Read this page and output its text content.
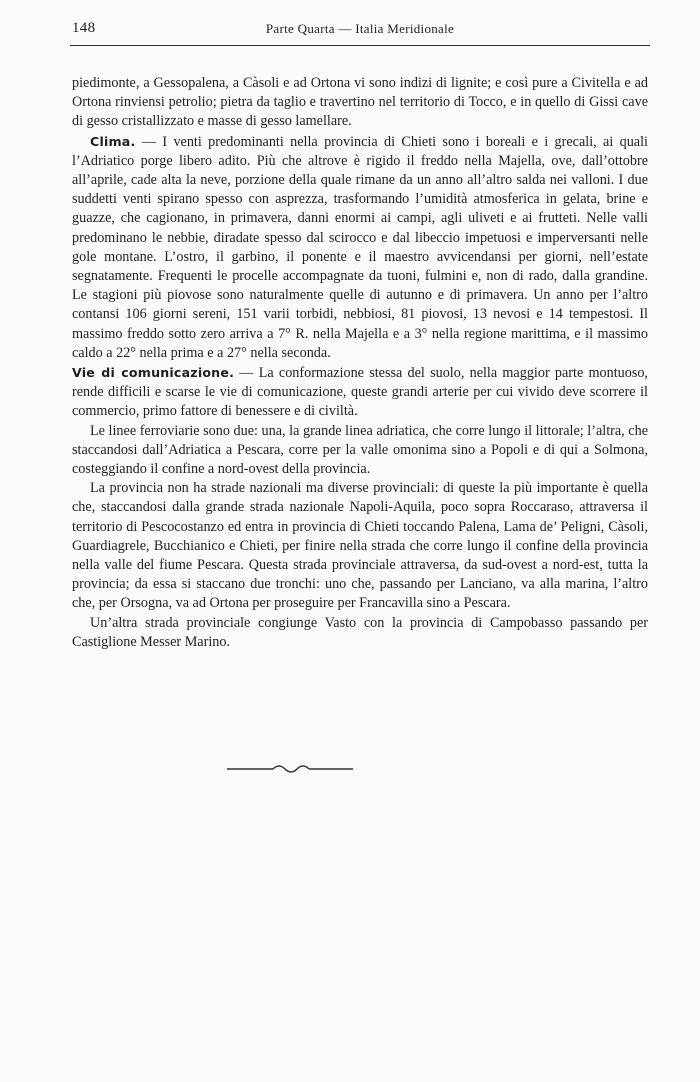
148	Parte Quarta — Italia Meridionale

piedimonte, a Gessopalena, a Càsoli e ad Ortona vi sono indizi di lignite; e così pure a Civitella e ad Ortona rinviensi petrolio; pietra da taglio e travertino nel territorio di Tocco, e in quello di Gissi cave di gesso cristallizzato e masse di gesso lamellare.

Clima. — I venti predominanti nella provincia di Chieti sono i boreali e i grecali, ai quali l’Adriatico porge libero adito. Più che altrove è rigido il freddo nella Majella, ove, dall’ottobre all’aprile, cade alta la neve, porzione della quale rimane da un anno all’altro salda nei valloni. I due suddetti venti spirano spesso con asprezza, trasformando l’umidità atmosferica in gelata, brine e guazze, che cagionano, in primavera, danni enormi ai campi, agli uliveti e ai frutteti. Nelle valli predominano le nebbie, diradate spesso dal scirocco e dal libeccio impetuosi e imperversanti nelle gole montane. L’ostro, il garbino, il ponente e il maestro avvicendansi per giorni, nell’estate segnatamente. Frequenti le procelle accompagnate da tuoni, fulmini e, non di rado, dalla grandine. Le stagioni più piovose sono naturalmente quelle di autunno e di primavera. Un anno per l’altro contansi 106 giorni sereni, 151 varii torbidi, nebbiosi, 81 piovosi, 13 nevosi e 14 tempestosi. Il massimo freddo sotto zero arriva a 7° R. nella Majella e a 3° nella regione marittima, e il massimo caldo a 22° nella prima e a 27° nella seconda.

Vie di comunicazione. — La conformazione stessa del suolo, nella maggior parte montuoso, rende difficili e scarse le vie di comunicazione, queste grandi arterie per cui vivido deve scorrere il commercio, primo fattore di benessere e di civiltà.

Le linee ferroviarie sono due: una, la grande linea adriatica, che corre lungo il littorale; l’altra, che staccandosi dall’Adriatica a Pescara, corre per la valle omonima sino a Popoli e di qui a Solmona, costeggiando il confine a nord-ovest della provincia.

La provincia non ha strade nazionali ma diverse provinciali: di queste la più importante è quella che, staccandosi dalla grande strada nazionale Napoli-Aquila, poco sopra Roccaraso, attraversa il territorio di Pescocostanzo ed entra in provincia di Chieti toccando Palena, Lama de’ Peligni, Càsoli, Guardiagrele, Bucchianico e Chieti, per finire nella strada che corre lungo il confine della provincia nella valle del fiume Pescara. Questa strada provinciale attraversa, da sud-ovest a nord-est, tutta la provincia; da essa si staccano due tronchi: uno che, passando per Lanciano, va alla marina, l’altro che, per Orsogna, va ad Ortona per proseguire per Francavilla sino a Pescara.

Un’altra strada provinciale congiunge Vasto con la provincia di Campobasso passando per Castiglione Messer Marino.
